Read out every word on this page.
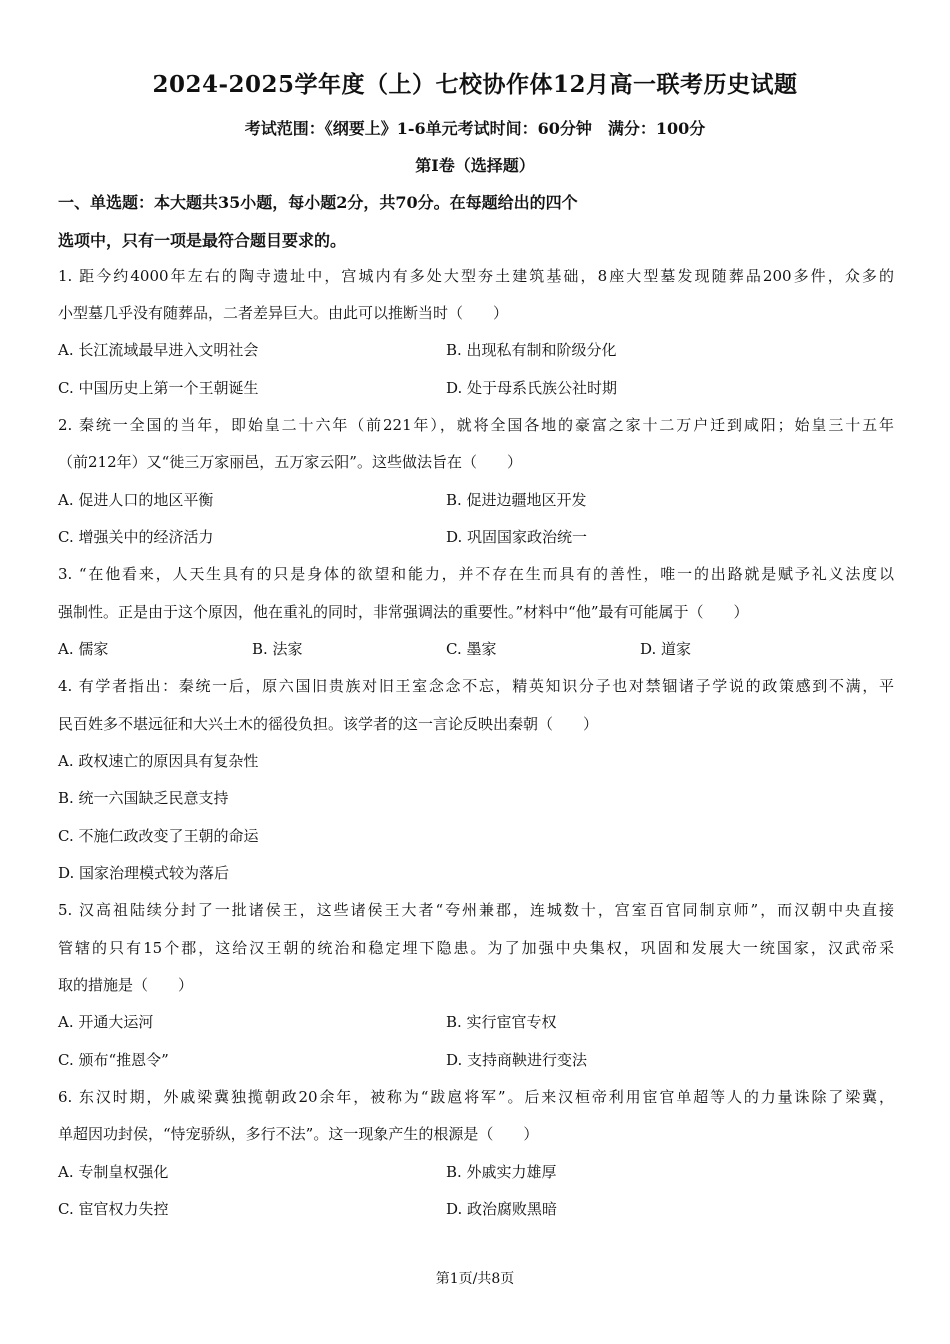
2024-2025学年度（上）七校协作体12月高一联考历史试题

考试范围：《纲要上》1-6单元考试时间：60分钟　满分：100分

第Ⅰ卷（选择题）

一、单选题：本大题共35小题，每小题2分，共70分。在每题给出的四个

选项中，只有一项是最符合题目要求的。

1. 距今约4000年左右的陶寺遗址中，宫城内有多处大型夯土建筑基础，8座大型墓发现随葬品200多件，众多的

小型墓几乎没有随葬品，二者差异巨大。由此可以推断当时（　　）

A. 长江流域最早进入文明社会	B. 出现私有制和阶级分化

C. 中国历史上第一个王朝诞生	D. 处于母系氏族公社时期

2. 秦统一全国的当年，即始皇二十六年（前221年），就将全国各地的豪富之家十二万户迁到咸阳；始皇三十五年

（前212年）又“徙三万家丽邑，五万家云阳”。这些做法旨在（　　）

A. 促进人口的地区平衡	B. 促进边疆地区开发

C. 增强关中的经济活力	D. 巩固国家政治统一

3. “在他看来，人天生具有的只是身体的欲望和能力，并不存在生而具有的善性，唯一的出路就是赋予礼义法度以

强制性。正是由于这个原因，他在重礼的同时，非常强调法的重要性。”材料中“他”最有可能属于（　　）

A. 儒家	B. 法家	C. 墨家	D. 道家

4. 有学者指出：秦统一后，原六国旧贵族对旧王室念念不忘，精英知识分子也对禁锢诸子学说的政策感到不满，平

民百姓多不堪远征和大兴土木的徭役负担。该学者的这一言论反映出秦朝（　　）

A. 政权速亡的原因具有复杂性

B. 统一六国缺乏民意支持

C. 不施仁政改变了王朝的命运

D. 国家治理模式较为落后

5. 汉高祖陆续分封了一批诸侯王，这些诸侯王大者“夸州兼郡，连城数十，宫室百官同制京师”，而汉朝中央直接

管辖的只有15个郡，这给汉王朝的统治和稳定埋下隐患。为了加强中央集权，巩固和发展大一统国家，汉武帝采

取的措施是（　　）

A. 开通大运河	B. 实行宦官专权

C. 颁布“推恩令”	D. 支持商鞅进行变法

6. 东汉时期，外戚梁冀独揽朝政20余年，被称为“跋扈将军”。后来汉桓帝利用宦官单超等人的力量诛除了梁冀，

单超因功封侯，“恃宠骄纵，多行不法”。这一现象产生的根源是（　　）

A. 专制皇权强化	B. 外戚实力雄厚

C. 宦官权力失控	D. 政治腐败黑暗

第1页/共8页
